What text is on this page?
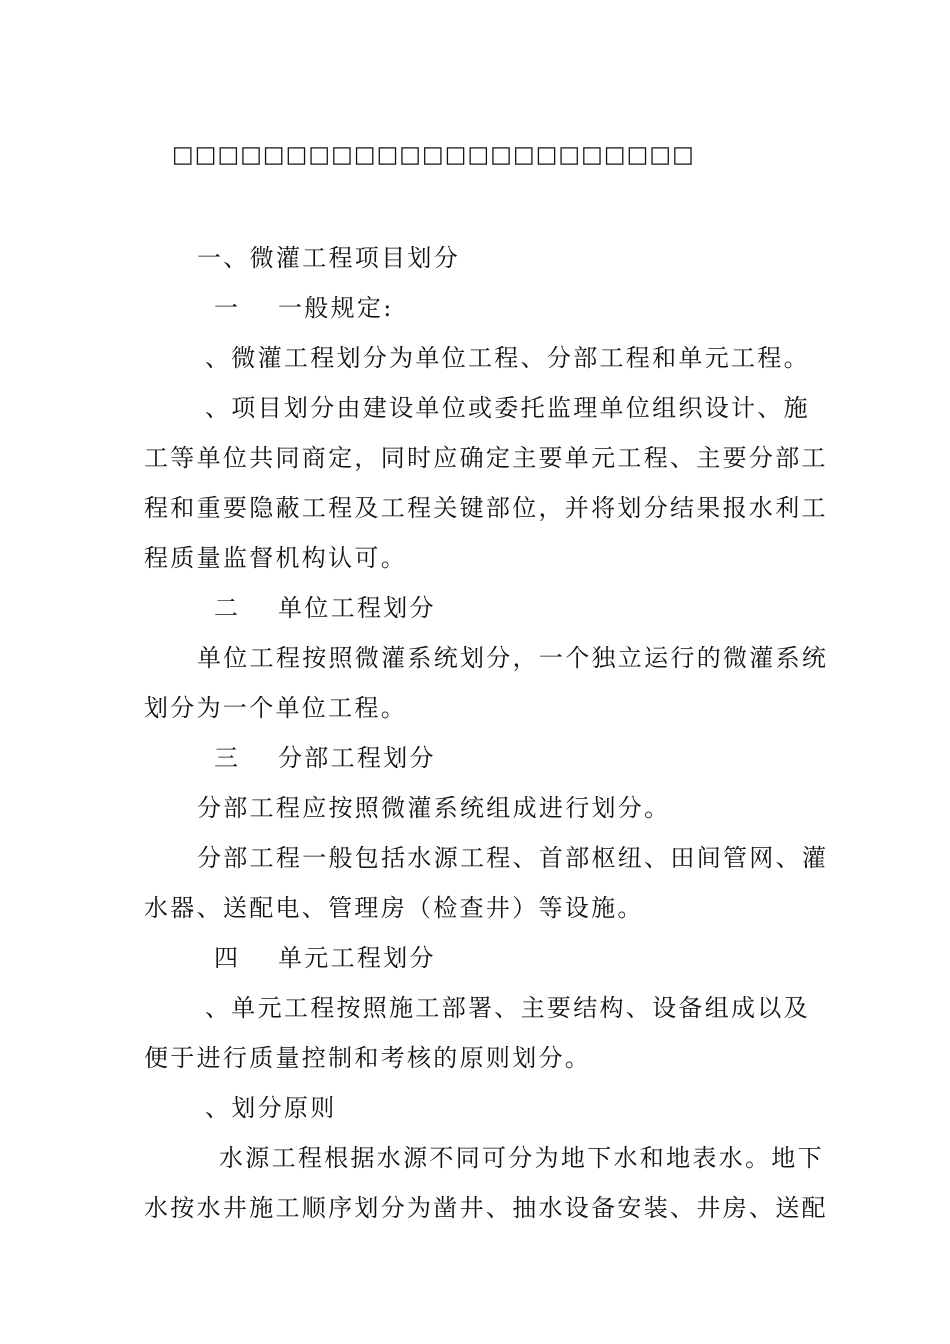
□□□□□□□□□□□□□□□□□□□□□□□
一、微灌工程项目划分
一 一般规定:
、微灌工程划分为单位工程、分部工程和单元工程。
、项目划分由建设单位或委托监理单位组织设计、施
工等单位共同商定，同时应确定主要单元工程、主要分部工
程和重要隐蔽工程及工程关键部位，并将划分结果报水利工
程质量监督机构认可。
二 单位工程划分
单位工程按照微灌系统划分，一个独立运行的微灌系统
划分为一个单位工程。
三 分部工程划分
分部工程应按照微灌系统组成进行划分。
分部工程一般包括水源工程、首部枢纽、田间管网、灌
水器、送配电、管理房（检查井）等设施。
四 单元工程划分
、单元工程按照施工部署、主要结构、设备组成以及
便于进行质量控制和考核的原则划分。
、划分原则
水源工程根据水源不同可分为地下水和地表水。地下
水按水井施工顺序划分为凿井、抽水设备安装、井房、送配
